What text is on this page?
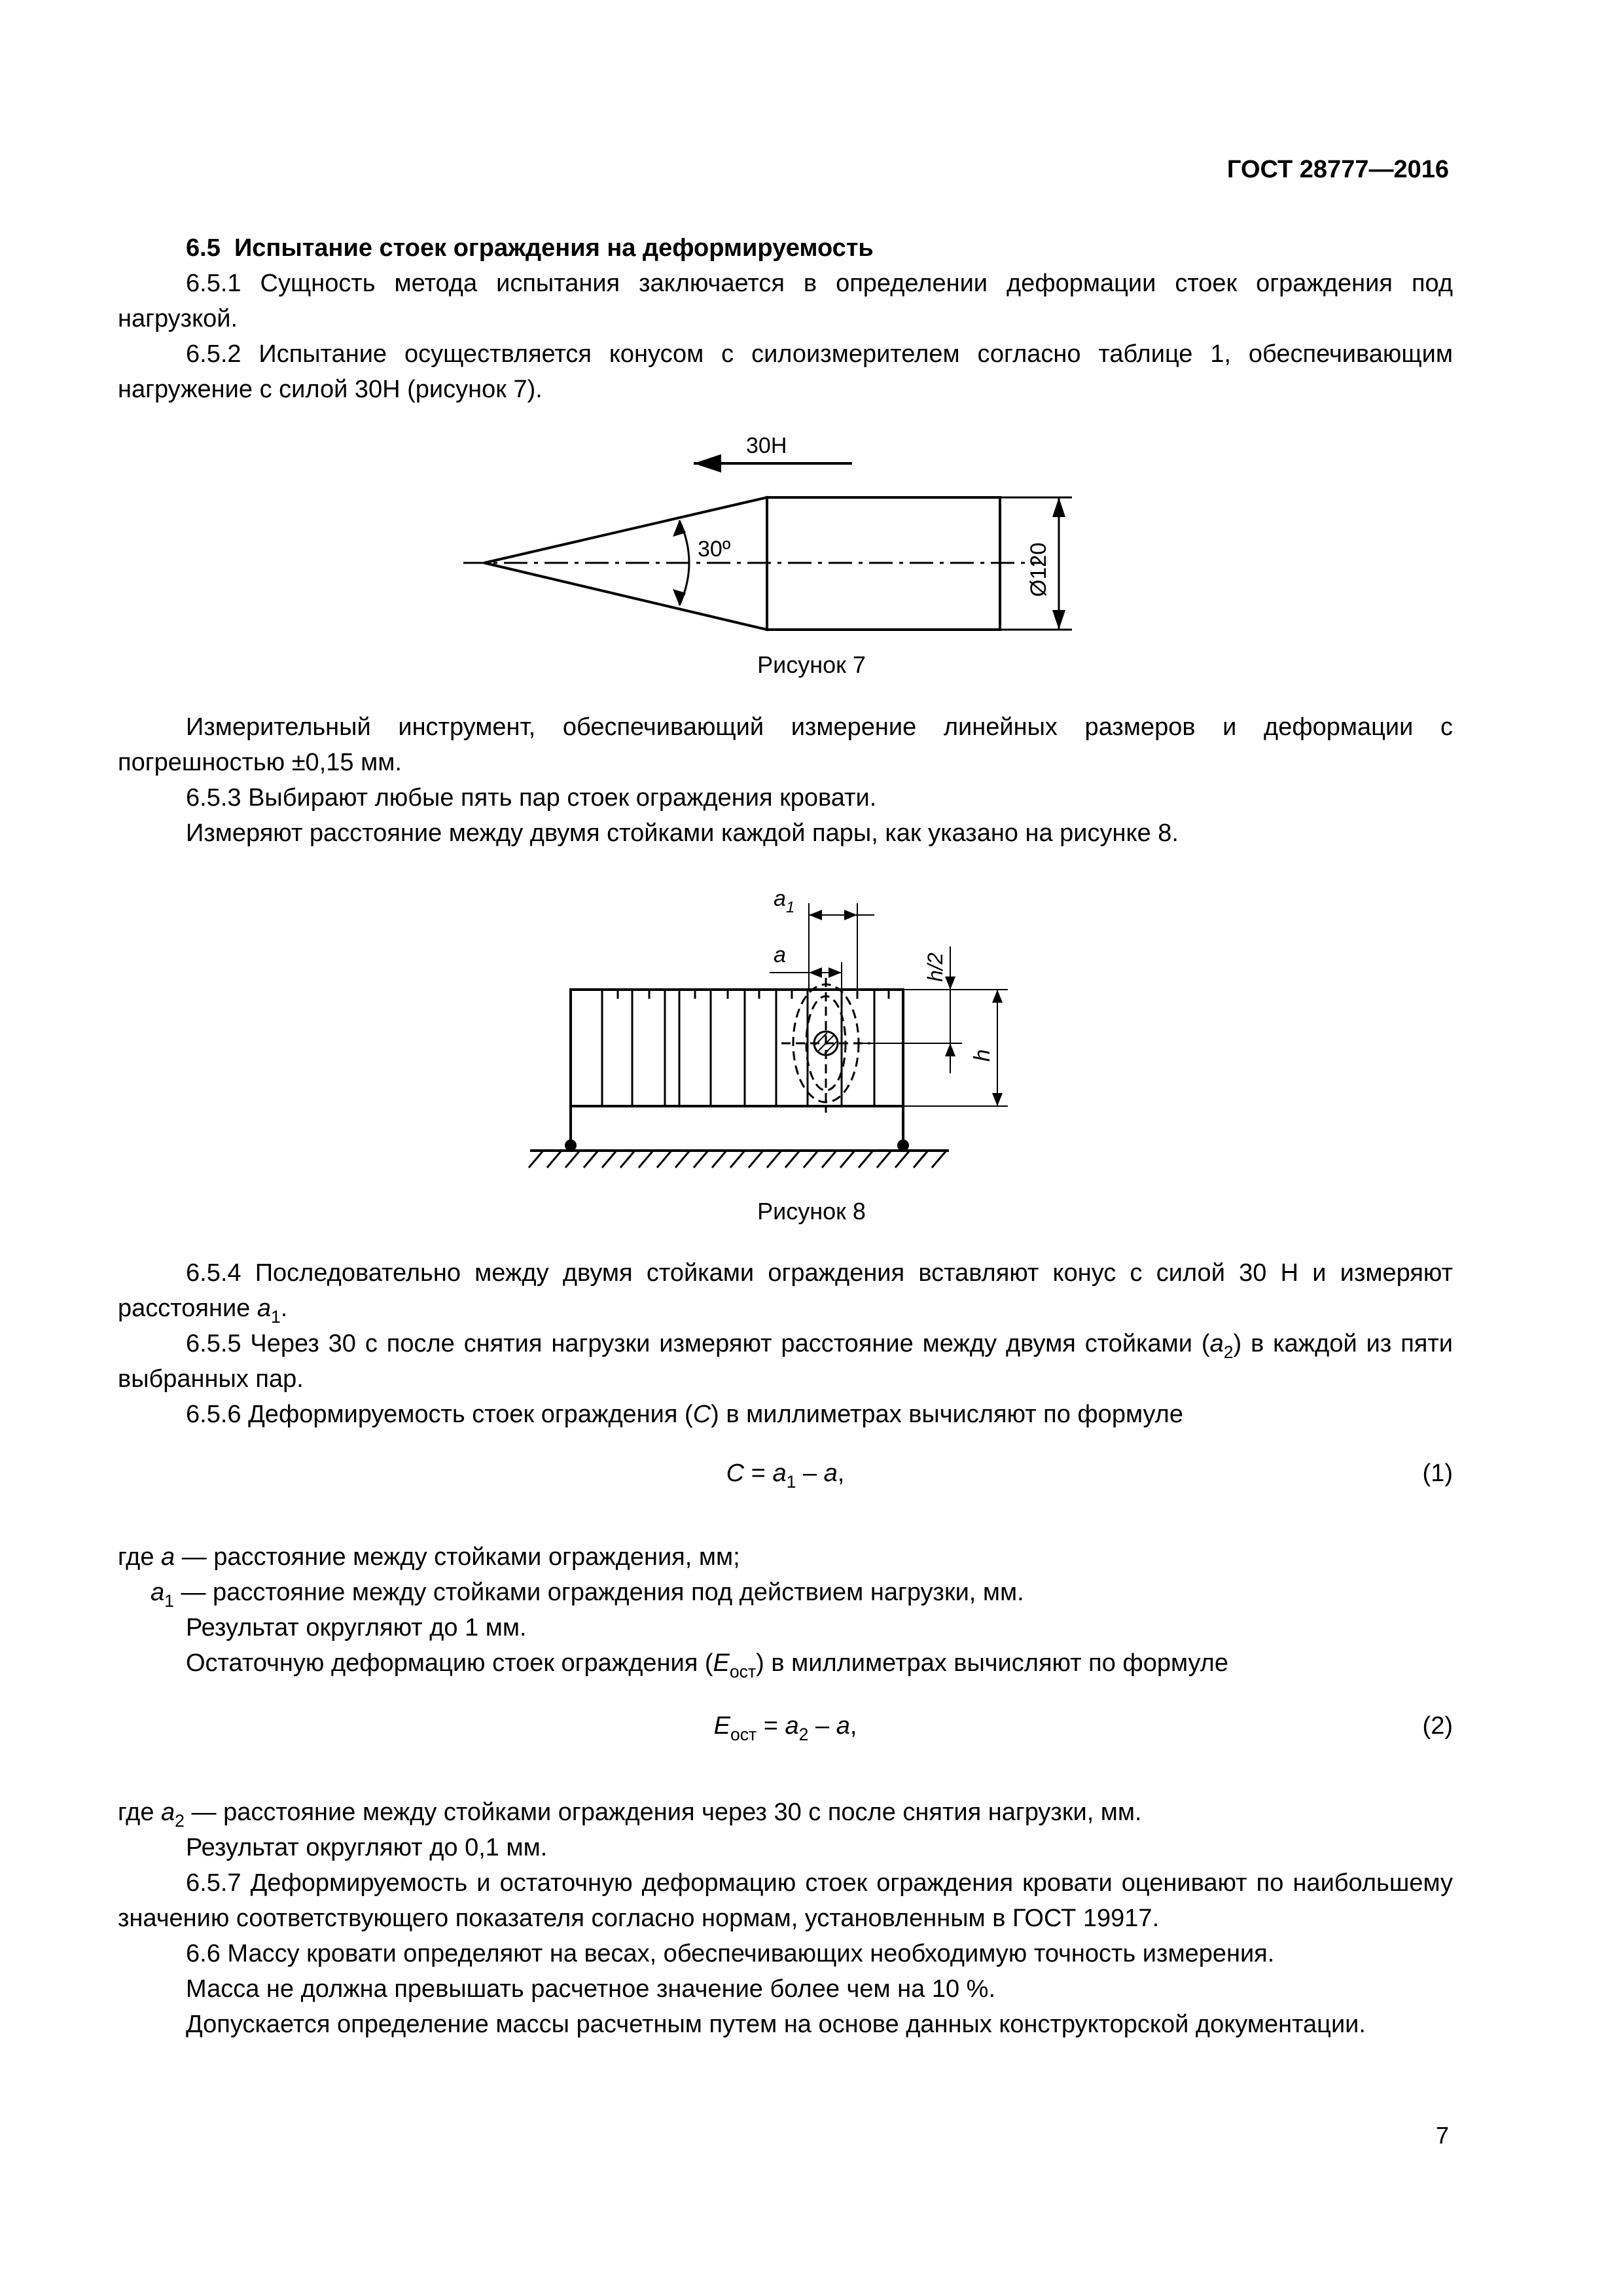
ГОСТ 28777—2016

6.5 Испытание стоек ограждения на деформируемость

6.5.1 Сущность метода испытания заключается в определении деформации стоек ограждения под нагрузкой.

6.5.2 Испытание осуществляется конусом с силоизмерителем согласно таблице 1, обеспечивающим нагружение с силой 30Н (рисунок 7).

30º
30Н
Ø120
Рисунок 7

Измерительный инструмент, обеспечивающий измерение линейных размеров и деформации с погрешностью ±0,15 мм.

6.5.3 Выбирают любые пять пар стоек ограждения кровати.

Измеряют расстояние между двумя стойками каждой пары, как указано на рисунке 8.

$a_1$
a	h/2
h
Рисунок 8

6.5.4 Последовательно между двумя стойками ограждения вставляют конус с силой 30 Н и измеряют расстояние $a_1$.

6.5.5 Через 30 с после снятия нагрузки измеряют расстояние между двумя стойками $(a_2)$ в каждой из пяти выбранных пар.

6.5.6 Деформируемость стоек ограждения (C) в миллиметрах вычисляют по формуле

$C = a_1 - a$,	(1)

где a — расстояние между стойками ограждения, мм;

$a_1$ — расстояние между стойками ограждения под действием нагрузки, мм.

Результат округляют до 1 мм.

Остаточную деформацию стоек ограждения $(E_{ост})$ в миллиметрах вычисляют по формуле

$E_{ост} = a_2 - a$,	(2)

где $a_2$ — расстояние между стойками ограждения через 30 с после снятия нагрузки, мм.

Результат округляют до 0,1 мм.

6.5.7 Деформируемость и остаточную деформацию стоек ограждения кровати оценивают по наибольшему значению соответствующего показателя согласно нормам, установленным в ГОСТ 19917.

6.6 Массу кровати определяют на весах, обеспечивающих необходимую точность измерения.

Масса не должна превышать расчетное значение более чем на 10 %.

Допускается определение массы расчетным путем на основе данных конструкторской документации.

7
